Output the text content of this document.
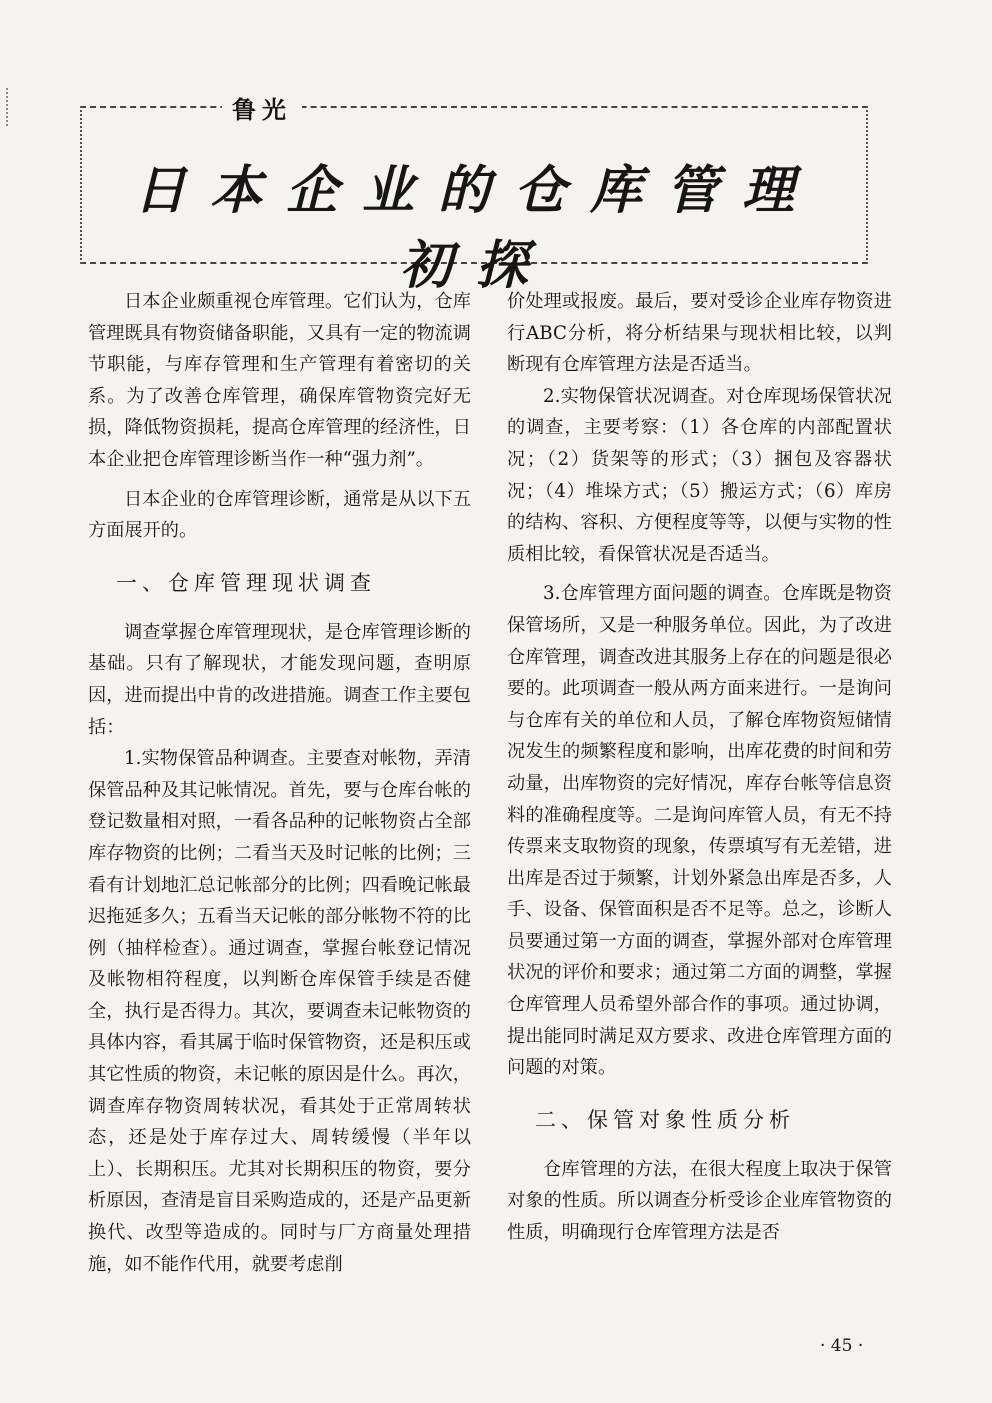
鲁光
日本企业的仓库管理初探

日本企业颇重视仓库管理。它们认为，仓库管理既具有物资储备职能，又具有一定的物流调节职能，与库存管理和生产管理有着密切的关系。为了改善仓库管理，确保库管物资完好无损，降低物资损耗，提高仓库管理的经济性，日本企业把仓库管理诊断当作一种“强力剂”。

日本企业的仓库管理诊断，通常是从以下五方面展开的。

一、仓库管理现状调查

调查掌握仓库管理现状，是仓库管理诊断的基础。只有了解现状，才能发现问题，查明原因，进而提出中肯的改进措施。调查工作主要包括：

1.实物保管品种调查。主要查对帐物，弄清保管品种及其记帐情况。首先，要与仓库台帐的登记数量相对照，一看各品种的记帐物资占全部库存物资的比例；二看当天及时记帐的比例；三看有计划地汇总记帐部分的比例；四看晚记帐最迟拖延多久；五看当天记帐的部分帐物不符的比例（抽样检查）。通过调查，掌握台帐登记情况及帐物相符程度，以判断仓库保管手续是否健全，执行是否得力。其次，要调查未记帐物资的具体内容，看其属于临时保管物资，还是积压或其它性质的物资，未记帐的原因是什么。再次，调查库存物资周转状况，看其处于正常周转状态，还是处于库存过大、周转缓慢（半年以上）、长期积压。尤其对长期积压的物资，要分析原因，查清是盲目采购造成的，还是产品更新换代、改型等造成的。同时与厂方商量处理措施，如不能作代用，就要考虑削

价处理或报废。最后，要对受诊企业库存物资进行ABC分析，将分析结果与现状相比较，以判断现有仓库管理方法是否适当。

2.实物保管状况调查。对仓库现场保管状况的调查，主要考察：（1）各仓库的内部配置状况；（2）货架等的形式；（3）捆包及容器状况；（4）堆垛方式；（5）搬运方式；（6）库房的结构、容积、方便程度等等，以便与实物的性质相比较，看保管状况是否适当。

3.仓库管理方面问题的调查。仓库既是物资保管场所，又是一种服务单位。因此，为了改进仓库管理，调查改进其服务上存在的问题是很必要的。此项调查一般从两方面来进行。一是询问与仓库有关的单位和人员，了解仓库物资短储情况发生的频繁程度和影响，出库花费的时间和劳动量，出库物资的完好情况，库存台帐等信息资料的准确程度等。二是询问库管人员，有无不持传票来支取物资的现象，传票填写有无差错，进出库是否过于频繁，计划外紧急出库是否多，人手、设备、保管面积是否不足等。总之，诊断人员要通过第一方面的调查，掌握外部对仓库管理状况的评价和要求；通过第二方面的调整，掌握仓库管理人员希望外部合作的事项。通过协调，提出能同时满足双方要求、改进仓库管理方面的问题的对策。

二、保管对象性质分析

仓库管理的方法，在很大程度上取决于保管对象的性质。所以调查分析受诊企业库管物资的性质，明确现行仓库管理方法是否

· 45 ·
